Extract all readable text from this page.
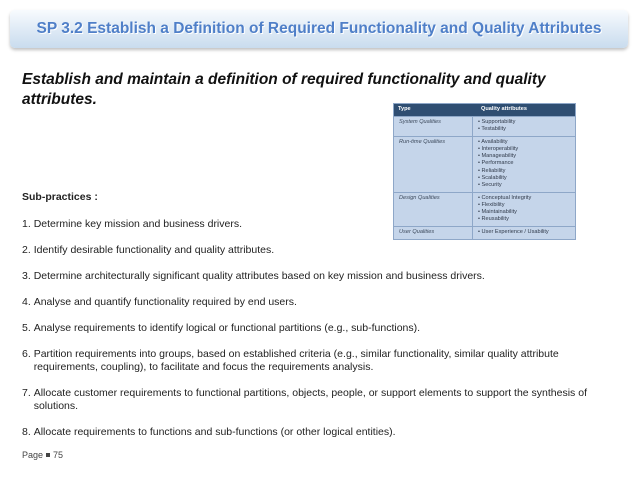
SP 3.2 Establish a Definition of Required Functionality and Quality Attributes
Establish and maintain a definition of required functionality and quality attributes.
Type	Quality attributes
System Qualities	• Supportability
• Testability
Run-time Qualities	• Availability
• Interoperability
• Manageability
• Performance
• Reliability
• Scalability
• Security
Design Qualities	• Conceptual Integrity
• Flexibility
• Maintainability
• Reusability
User Qualities	• User Experience / Usability
Sub-practices :
1.
Determine key mission and business drivers.
2.
Identify desirable functionality and quality attributes.
3.
Determine architecturally significant quality attributes based on key mission and business drivers.
4.
Analyse and quantify functionality required by end users.
5.
Analyse requirements to identify logical or functional partitions (e.g., sub-functions).
6.
Partition requirements into groups, based on established criteria (e.g., similar functionality, similar quality attribute requirements, coupling), to facilitate and focus the requirements analysis.
7.
Allocate customer requirements to functional partitions, objects, people, or support elements to support the synthesis of solutions.
8.
Allocate requirements to functions and sub-functions (or other logical entities).
Page 75
